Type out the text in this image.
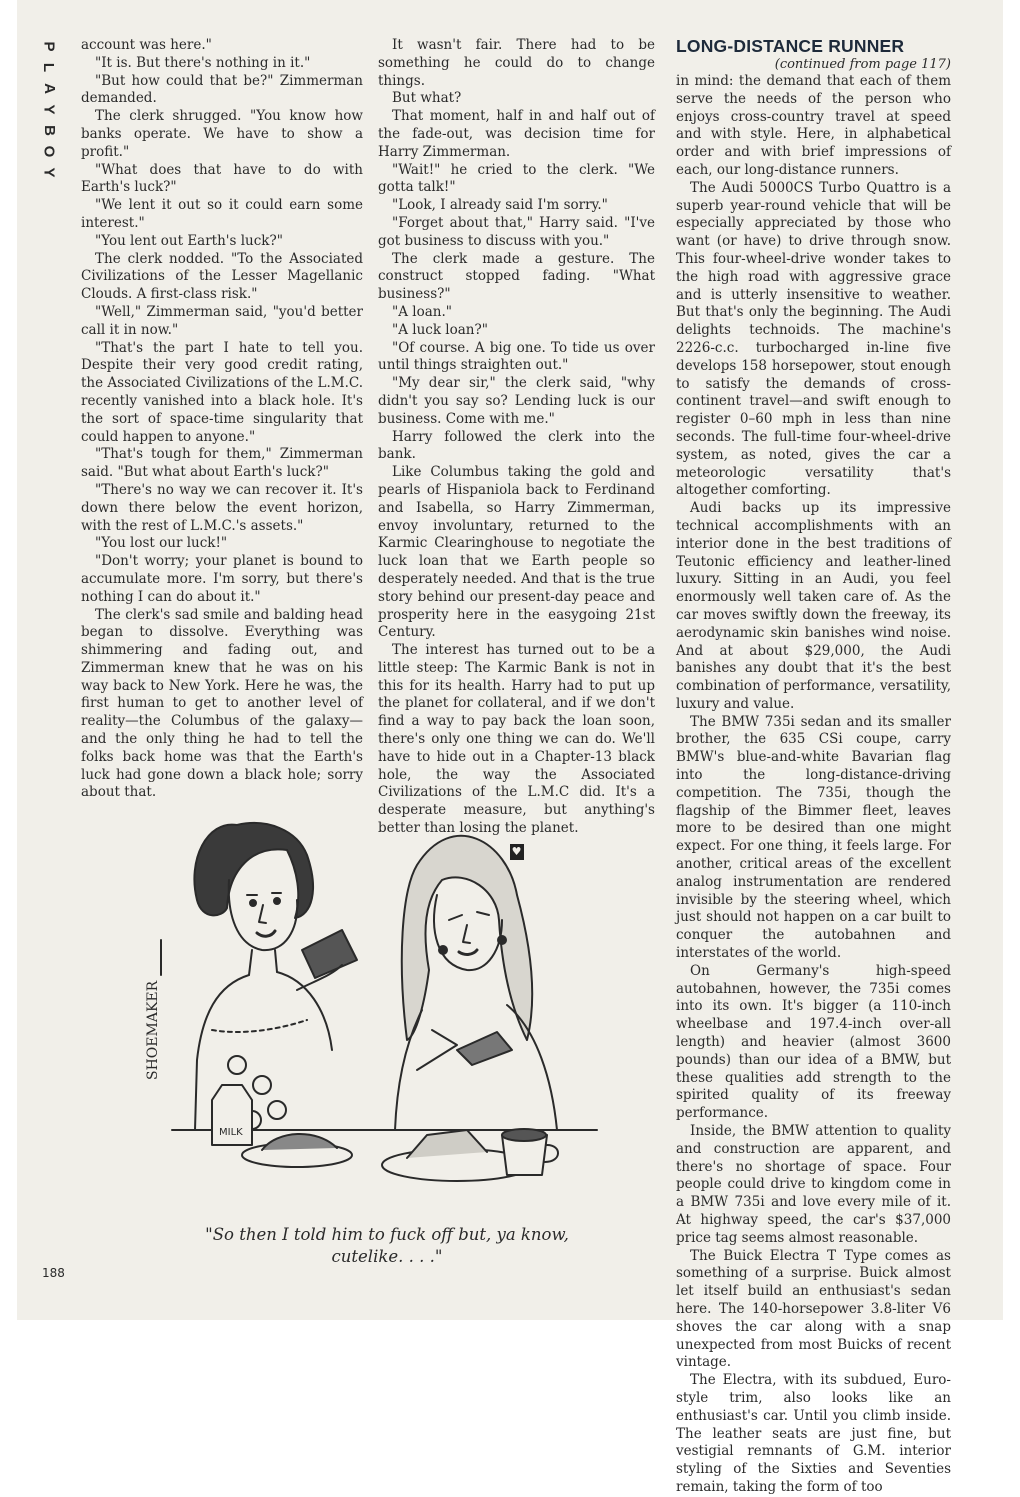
P
L
A
Y
B
O
Y

account was here."

"It is. But there's nothing in it."

"But how could that be?" Zimmerman demanded.

The clerk shrugged. "You know how banks operate. We have to show a profit."

"What does that have to do with Earth's luck?"

"We lent it out so it could earn some interest."

"You lent out Earth's luck?"

The clerk nodded. "To the Associated Civilizations of the Lesser Magellanic Clouds. A first-class risk."

"Well," Zimmerman said, "you'd better call it in now."

"That's the part I hate to tell you. Despite their very good credit rating, the Associated Civilizations of the L.M.C. recently vanished into a black hole. It's the sort of space-time singularity that could happen to anyone."

"That's tough for them," Zimmerman said. "But what about Earth's luck?"

"There's no way we can recover it. It's down there below the event horizon, with the rest of L.M.C.'s assets."

"You lost our luck!"

"Don't worry; your planet is bound to accumulate more. I'm sorry, but there's nothing I can do about it."

The clerk's sad smile and balding head began to dissolve. Everything was shimmering and fading out, and Zimmerman knew that he was on his way back to New York. Here he was, the first human to get to another level of reality—the Columbus of the galaxy—and the only thing he had to tell the folks back home was that the Earth's luck had gone down a black hole; sorry about that.

It wasn't fair. There had to be something he could do to change things.

But what?

That moment, half in and half out of the fade-out, was decision time for Harry Zimmerman.

"Wait!" he cried to the clerk. "We gotta talk!"

"Look, I already said I'm sorry."

"Forget about that," Harry said. "I've got business to discuss with you."

The clerk made a gesture. The construct stopped fading. "What business?"

"A loan."

"A luck loan?"

"Of course. A big one. To tide us over until things straighten out."

"My dear sir," the clerk said, "why didn't you say so? Lending luck is our business. Come with me."

Harry followed the clerk into the bank.

Like Columbus taking the gold and pearls of Hispaniola back to Ferdinand and Isabella, so Harry Zimmerman, envoy involuntary, returned to the Karmic Clearinghouse to negotiate the luck loan that we Earth people so desperately needed. And that is the true story behind our present-day peace and prosperity here in the easygoing 21st Century.

The interest has turned out to be a little steep: The Karmic Bank is not in this for its health. Harry had to put up the planet for collateral, and if we don't find a way to pay back the loan soon, there's only one thing we can do. We'll have to hide out in a Chapter-13 black hole, the way the Associated Civilizations of the L.M.C did. It's a desperate measure, but anything's better than losing the planet.

♥
LONG-DISTANCE RUNNER
(continued from page 117)

in mind: the demand that each of them serve the needs of the person who enjoys cross-country travel at speed and with style. Here, in alphabetical order and with brief impressions of each, our long-distance runners.

The Audi 5000CS Turbo Quattro is a superb year-round vehicle that will be especially appreciated by those who want (or have) to drive through snow. This four-wheel-drive wonder takes to the high road with aggressive grace and is utterly insensitive to weather. But that's only the beginning. The Audi delights technoids. The machine's 2226-c.c. turbocharged in-line five develops 158 horsepower, stout enough to satisfy the demands of cross-continent travel—and swift enough to register 0–60 mph in less than nine seconds. The full-time four-wheel-drive system, as noted, gives the car a meteorologic versatility that's altogether comforting.

Audi backs up its impressive technical accomplishments with an interior done in the best traditions of Teutonic efficiency and leather-lined luxury. Sitting in an Audi, you feel enormously well taken care of. As the car moves swiftly down the freeway, its aerodynamic skin banishes wind noise. And at about $29,000, the Audi banishes any doubt that it's the best combination of performance, versatility, luxury and value.

The BMW 735i sedan and its smaller brother, the 635 CSi coupe, carry BMW's blue-and-white Bavarian flag into the long-distance-driving competition. The 735i, though the flagship of the Bimmer fleet, leaves more to be desired than one might expect. For one thing, it feels large. For another, critical areas of the excellent analog instrumentation are rendered invisible by the steering wheel, which just should not happen on a car built to conquer the autobahnen and interstates of the world.

On Germany's high-speed autobahnen, however, the 735i comes into its own. It's bigger (a 110-inch wheelbase and 197.4-inch over-all length) and heavier (almost 3600 pounds) than our idea of a BMW, but these qualities add strength to the spirited quality of its freeway performance.

Inside, the BMW attention to quality and construction are apparent, and there's no shortage of space. Four people could drive to kingdom come in a BMW 735i and love every mile of it. At highway speed, the car's $37,000 price tag seems almost reasonable.

The Buick Electra T Type comes as something of a surprise. Buick almost let itself build an enthusiast's sedan here. The 140-horsepower 3.8-liter V6 shoves the car along with a snap unexpected from most Buicks of recent vintage.

The Electra, with its subdued, Euro-style trim, also looks like an enthusiast's car. Until you climb inside. The leather seats are just fine, but vestigial remnants of G.M. interior styling of the Sixties and Seventies remain, taking the form of too

SHOEMAKER
MILK
"So then I told him to fuck off but, ya know,
cutelike. . . ."
188
